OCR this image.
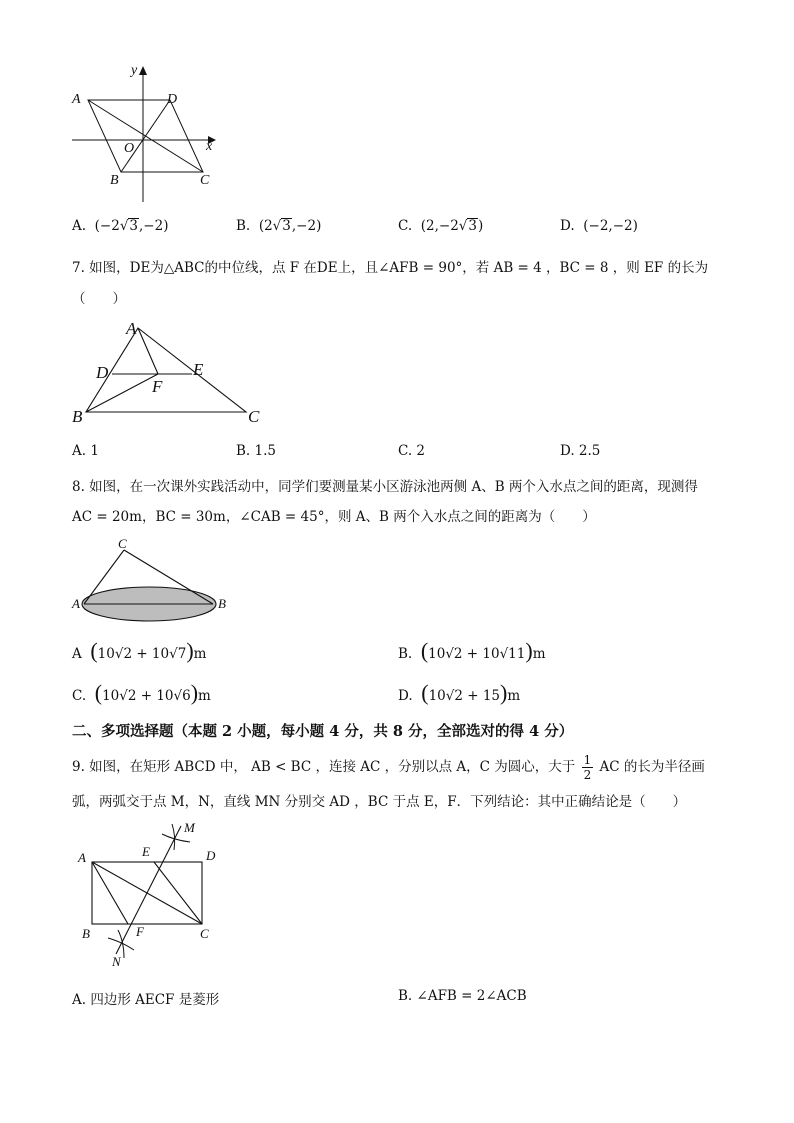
A	D
O
B	C
x
y
A. (−2√3,−2)	B. (2√3,−2)	C. (2,−2√3)	D. (−2,−2)
7. 如图，DE为△ABC的中位线，点 F 在DE上，且∠AFB = 90°，若 AB = 4 ，BC = 8 ，则 EF 的长为
（　　）
A
D	E
F
B	C
A. 1	B. 1.5	C. 2	D. 2.5
8. 如图，在一次课外实践活动中，同学们要测量某小区游泳池两侧 A、B 两个入水点之间的距离，现测得
AC = 20m，BC = 30m，∠CAB = 45°，则 A、B 两个入水点之间的距离为（　　）
C
A	B
A (10√2 + 10√7)m	B. (10√2 + 10√11)m
C. (10√2 + 10√6)m	D. (10√2 + 15)m
二、多项选择题（本题 2 小题，每小题 4 分，共 8 分，全部选对的得 4 分）
9. 如图，在矩形 ABCD 中， AB < BC ，连接 AC ，分别以点 A，C 为圆心，大于 $\frac{1}{2}$ AC 的长为半径画
弧，两弧交于点 M，N，直线 MN 分别交 AD ，BC 于点 E，F．下列结论：其中正确结论是（　　）
A	E
M
D
B	F	C
N
A. 四边形 AECF 是菱形	B. ∠AFB = 2∠ACB
